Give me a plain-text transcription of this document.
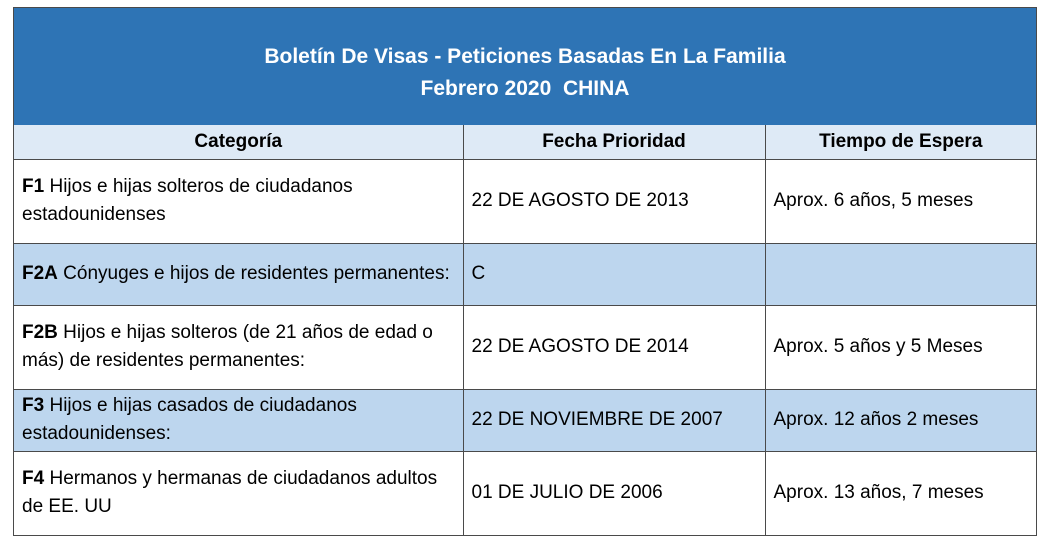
Boletín De Visas - Peticiones Basadas En La Familia
Febrero 2020  CHINA
Categoría	Fecha Prioridad	Tiempo de Espera
F1 Hijos e hijas solteros de ciudadanos estadounidenses	22 DE AGOSTO DE 2013	Aprox. 6 años, 5 meses
F2A Cónyuges e hijos de residentes permanentes:	C	
F2B Hijos e hijas solteros (de 21 años de edad o más) de residentes permanentes:	22 DE AGOSTO DE 2014	Aprox. 5 años y 5 Meses
F3 Hijos e hijas casados de ciudadanos estadounidenses:	22 DE NOVIEMBRE DE 2007	Aprox. 12 años 2 meses
F4 Hermanos y hermanas de ciudadanos adultos de EE. UU	01 DE JULIO DE 2006	Aprox. 13 años, 7 meses
